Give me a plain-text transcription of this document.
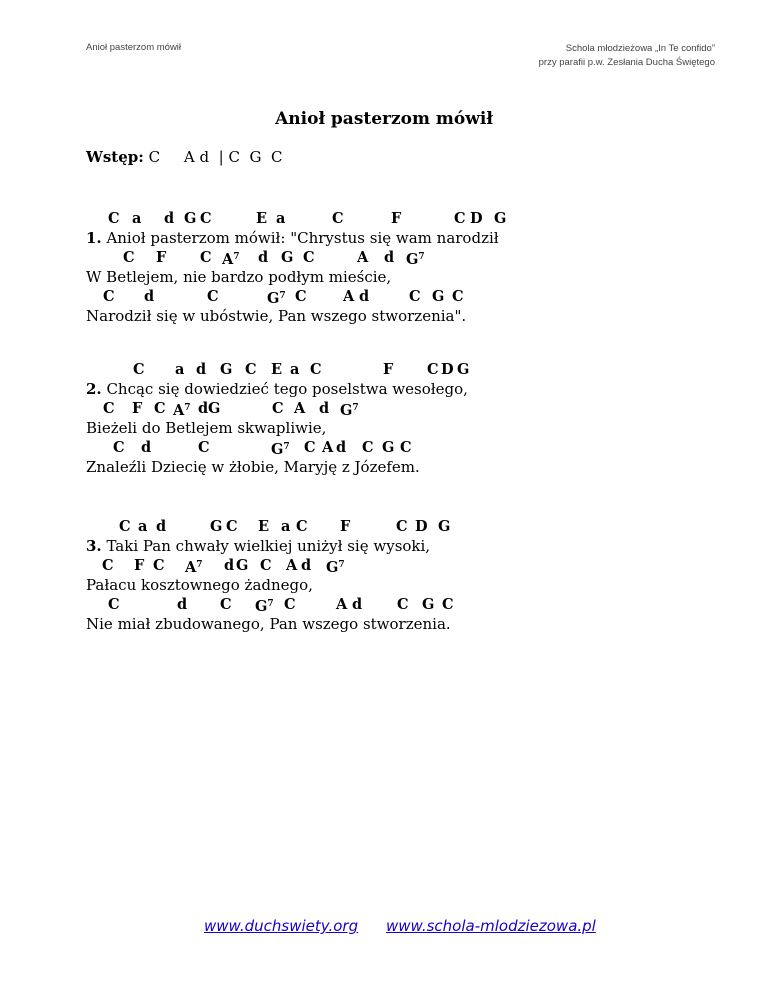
Anioł pasterzom mówił	Schola młodzieżowa „In Te confido”
przy parafii p.w. Zesłania Ducha Świętego
Anioł pasterzom mówił
Wstęp: C     A d  | C  G  C
C a d G C	E a	C	F	C D G
1. Anioł pasterzom mówił: "Chrystus się wam narodził
C F C $A^7$ d G C	A d $G^7$
W Betlejem, nie bardzo podłym mieście,
C d	C	$G^7$ C	A d	C G C
Narodził się w ubóstwie, Pan wszego stworzenia".
C a d G C E a C	F C D G
2. Chcąc się dowiedzieć tego poselstwa wesołego,
C F C $A^7$ d G	C A d $G^7$
Bieżeli do Betlejem skwapliwie,
C d	C	$G^7$ C A d C G C
Znaleźli Dziecię w żłobie, Maryję z Józefem.
C a d	G C E a C F	C D G
3. Taki Pan chwały wielkiej uniżył się wysoki,
C F C $A^7$ d G C A d $G^7$
Pałacu kosztownego żadnego,
C	d C $G^7$ C	A d C G C
Nie miał zbudowanego, Pan wszego stworzenia.
www.duchswiety.org www.schola-mlodziezowa.pl
